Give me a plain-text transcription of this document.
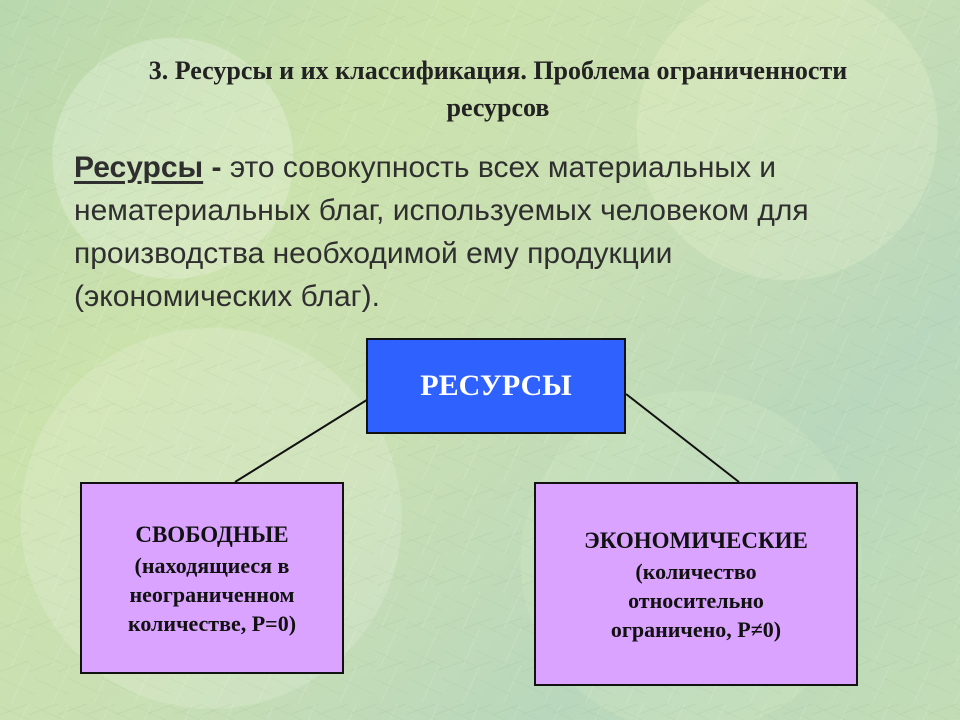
3. Ресурсы и их классификация. Проблема ограниченности
ресурсов
Ресурсы - это совокупность всех материальных и
нематериальных благ, используемых человеком для
производства необходимой ему продукции
(экономических благ).
РЕСУРСЫ
СВОБОДНЫЕ
(находящиеся в
неограниченном
количестве, P=0)
ЭКОНОМИЧЕСКИЕ
(количество
относительно
ограничено, P≠0)
